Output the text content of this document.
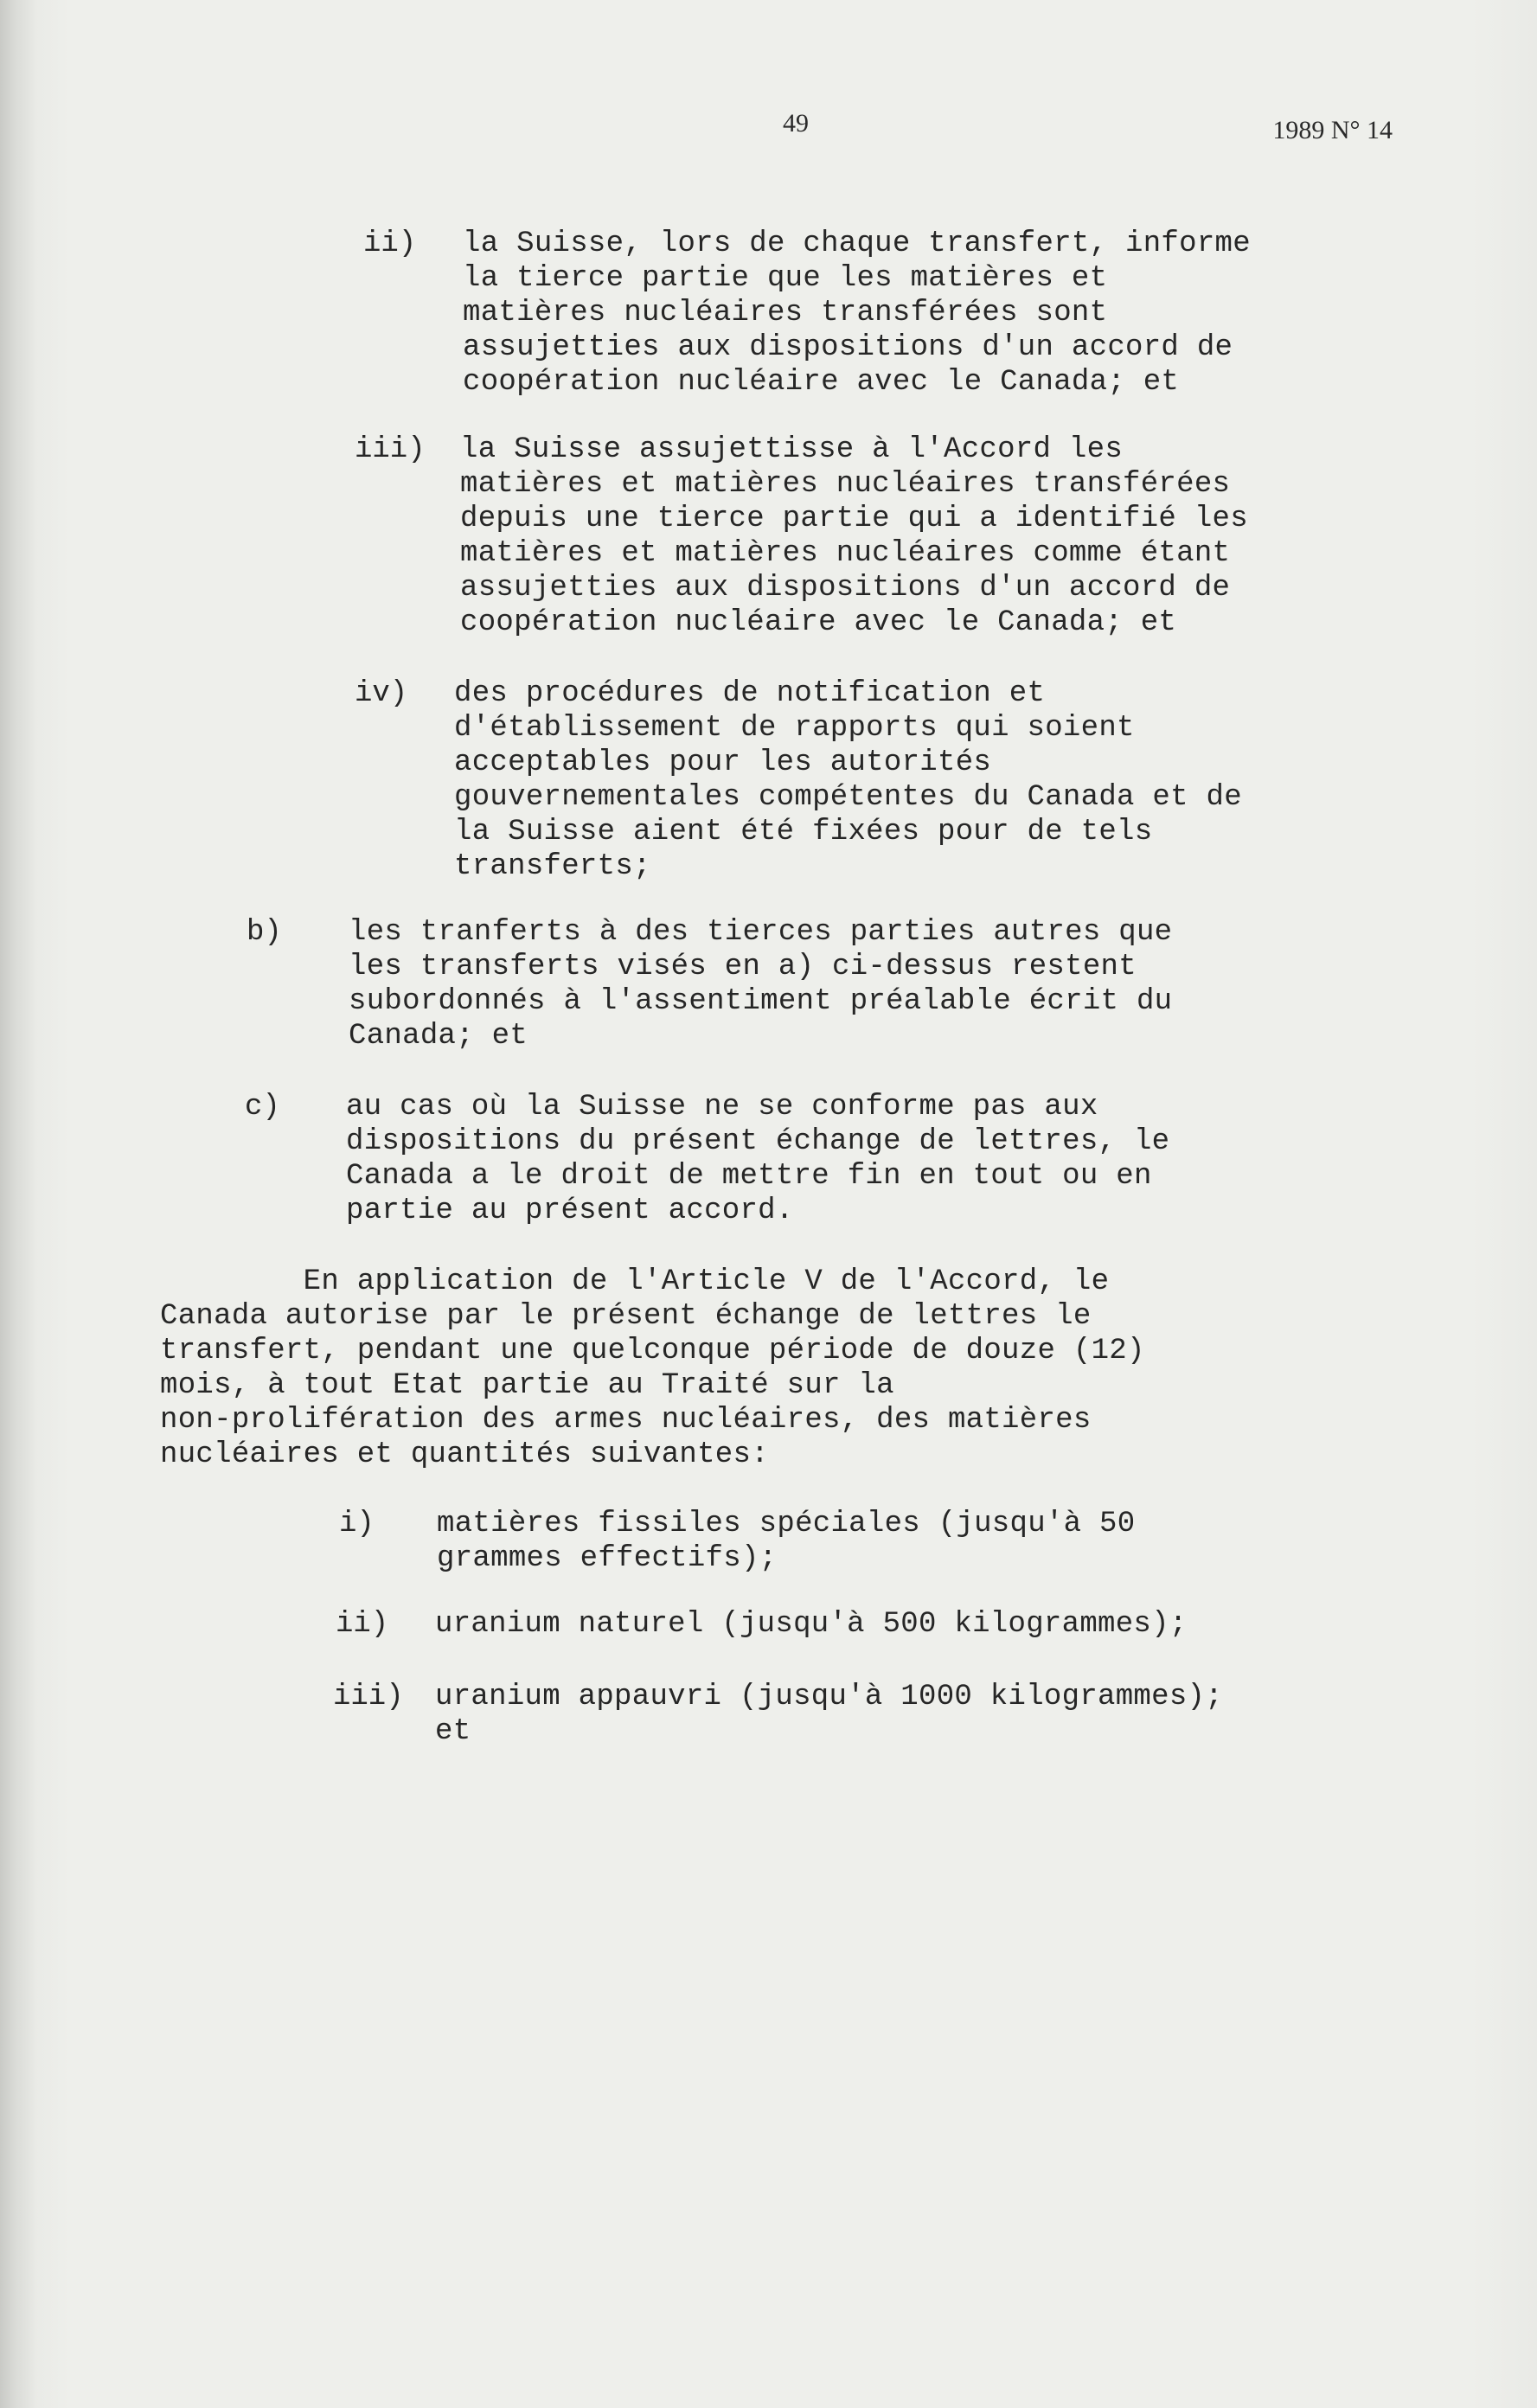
49	1989 N° 14
ii) la Suisse, lors de chaque transfert, informe
la tierce partie que les matières et
matières nucléaires transférées sont
assujetties aux dispositions d'un accord de
coopération nucléaire avec le Canada; et
iii) la Suisse assujettisse à l'Accord les
matières et matières nucléaires transférées
depuis une tierce partie qui a identifié les
matières et matières nucléaires comme étant
assujetties aux dispositions d'un accord de
coopération nucléaire avec le Canada; et
iv) des procédures de notification et
d'établissement de rapports qui soient
acceptables pour les autorités
gouvernementales compétentes du Canada et de
la Suisse aient été fixées pour de tels
transferts;
b) les tranferts à des tierces parties autres que
les transferts visés en a) ci-dessus restent
subordonnés à l'assentiment préalable écrit du
Canada; et
c) au cas où la Suisse ne se conforme pas aux
dispositions du présent échange de lettres, le
Canada a le droit de mettre fin en tout ou en
partie au présent accord.
En application de l'Article V de l'Accord, le
Canada autorise par le présent échange de lettres le
transfert, pendant une quelconque période de douze (12)
mois, à tout Etat partie au Traité sur la
non-prolifération des armes nucléaires, des matières
nucléaires et quantités suivantes:
i) matières fissiles spéciales (jusqu'à 50
grammes effectifs);
ii) uranium naturel (jusqu'à 500 kilogrammes);
iii) uranium appauvri (jusqu'à 1000 kilogrammes);
et
